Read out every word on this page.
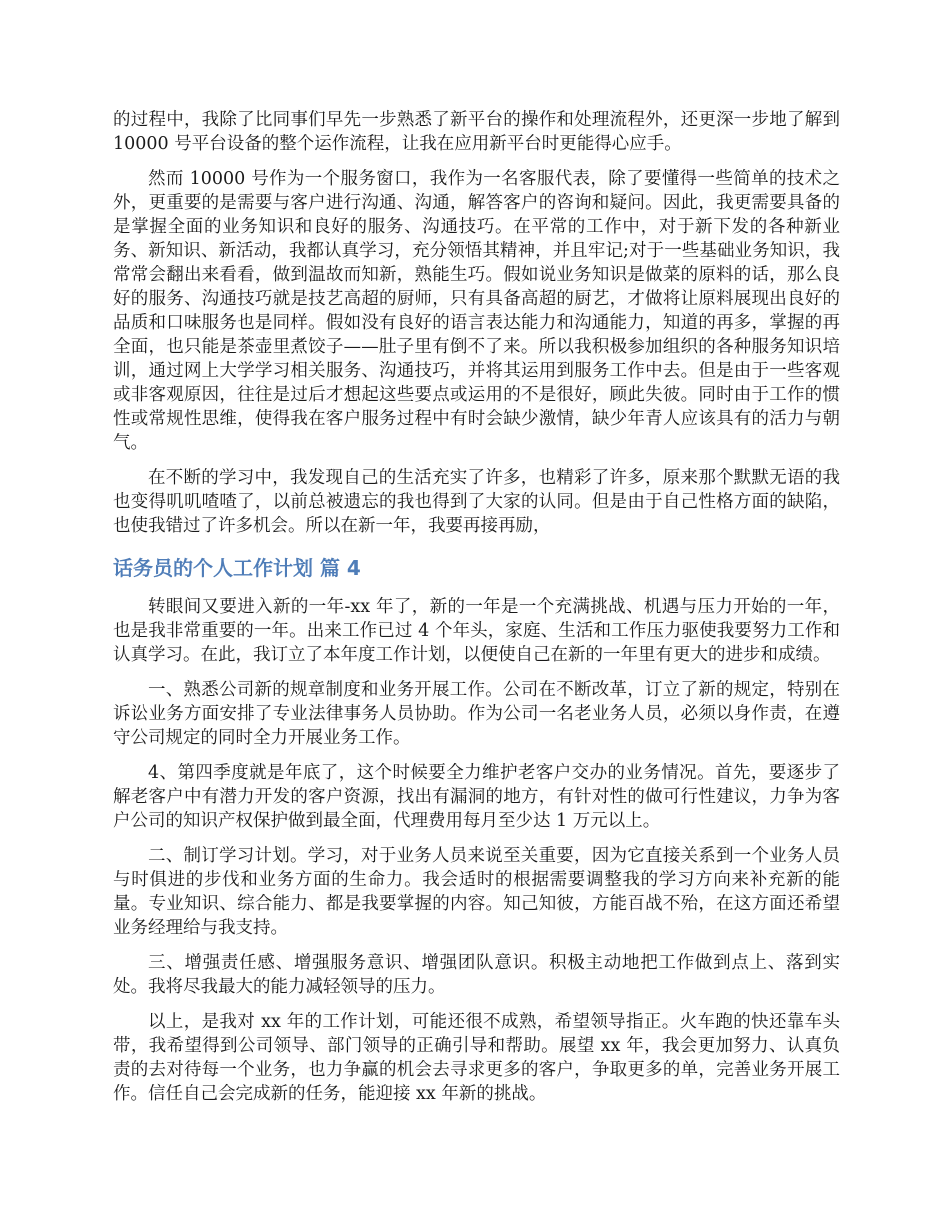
的过程中，我除了比同事们早先一步熟悉了新平台的操作和处理流程外，还更深一步地了解到 10000 号平台设备的整个运作流程，让我在应用新平台时更能得心应手。

然而 10000 号作为一个服务窗口，我作为一名客服代表，除了要懂得一些简单的技术之外，更重要的是需要与客户进行沟通、沟通，解答客户的咨询和疑问。因此，我更需要具备的是掌握全面的业务知识和良好的服务、沟通技巧。在平常的工作中，对于新下发的各种新业务、新知识、新活动，我都认真学习，充分领悟其精神，并且牢记;对于一些基础业务知识，我常常会翻出来看看，做到温故而知新，熟能生巧。假如说业务知识是做菜的原料的话，那么良好的服务、沟通技巧就是技艺高超的厨师，只有具备高超的厨艺，才做将让原料展现出良好的品质和口味服务也是同样。假如没有良好的语言表达能力和沟通能力，知道的再多，掌握的再全面，也只能是茶壶里煮饺子——肚子里有倒不了来。所以我积极参加组织的各种服务知识培训，通过网上大学学习相关服务、沟通技巧，并将其运用到服务工作中去。但是由于一些客观或非客观原因，往往是过后才想起这些要点或运用的不是很好，顾此失彼。同时由于工作的惯性或常规性思维，使得我在客户服务过程中有时会缺少激情，缺少年青人应该具有的活力与朝气。

在不断的学习中，我发现自己的生活充实了许多，也精彩了许多，原来那个默默无语的我也变得叽叽喳喳了，以前总被遗忘的我也得到了大家的认同。但是由于自己性格方面的缺陷，也使我错过了许多机会。所以在新一年，我要再接再励，

话务员的个人工作计划 篇 4

转眼间又要进入新的一年-xx 年了，新的一年是一个充满挑战、机遇与压力开始的一年，也是我非常重要的一年。出来工作已过 4 个年头，家庭、生活和工作压力驱使我要努力工作和认真学习。在此，我订立了本年度工作计划，以便使自己在新的一年里有更大的进步和成绩。

一、熟悉公司新的规章制度和业务开展工作。公司在不断改革，订立了新的规定，特别在诉讼业务方面安排了专业法律事务人员协助。作为公司一名老业务人员，必须以身作责，在遵守公司规定的同时全力开展业务工作。

4、第四季度就是年底了，这个时候要全力维护老客户交办的业务情况。首先，要逐步了解老客户中有潜力开发的客户资源，找出有漏洞的地方，有针对性的做可行性建议，力争为客户公司的知识产权保护做到最全面，代理费用每月至少达 1 万元以上。

二、制订学习计划。学习，对于业务人员来说至关重要，因为它直接关系到一个业务人员与时俱进的步伐和业务方面的生命力。我会适时的根据需要调整我的学习方向来补充新的能量。专业知识、综合能力、都是我要掌握的内容。知己知彼，方能百战不殆，在这方面还希望业务经理给与我支持。

三、增强责任感、增强服务意识、增强团队意识。积极主动地把工作做到点上、落到实处。我将尽我最大的能力减轻领导的压力。

以上，是我对 xx 年的工作计划，可能还很不成熟，希望领导指正。火车跑的快还靠车头带，我希望得到公司领导、部门领导的正确引导和帮助。展望 xx 年，我会更加努力、认真负责的去对待每一个业务，也力争赢的机会去寻求更多的客户，争取更多的单，完善业务开展工作。信任自己会完成新的任务，能迎接 xx 年新的挑战。
